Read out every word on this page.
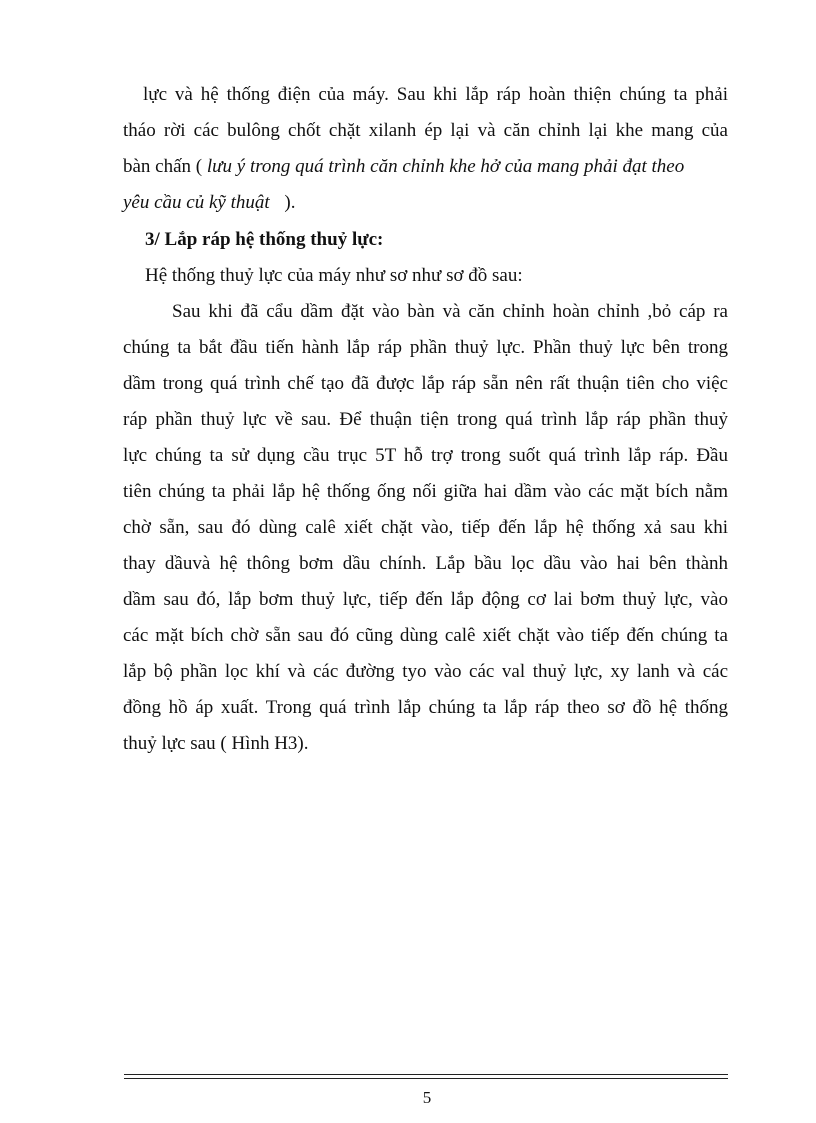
lực và hệ thống điện của máy. Sau khi lắp ráp hoàn thiện chúng ta phải
tháo rời các bulông chốt chặt xilanh ép lại và căn chỉnh lại khe mang của
bàn chấn ( lưu ý trong quá trình căn chỉnh khe hở của mang phải đạt theo
yêu cầu củ kỹ thuật ).
3/ Lắp ráp hệ thống thuỷ lực:
Hệ thống thuỷ lực của máy như sơ như sơ đồ sau:
Sau khi đã cẩu dầm đặt vào bàn và căn chỉnh hoàn chỉnh ,bỏ cáp ra
chúng ta bắt đầu tiến hành lắp ráp phần thuỷ lực. Phần thuỷ lực bên trong
dầm trong quá trình chế tạo đã được lắp ráp sẵn nên rất thuận tiên cho việc
ráp phần thuỷ lực về sau. Để thuận tiện trong quá trình lắp ráp phần thuỷ
lực chúng ta sử dụng cầu trục 5T hỗ trợ trong suốt quá trình lắp ráp. Đầu
tiên chúng ta phải lắp hệ thống ống nối giữa hai dầm vào các mặt bích nằm
chờ sẵn, sau đó dùng calê xiết chặt vào, tiếp đến lắp hệ thống xả sau khi
thay dầuvà hệ thông bơm dầu chính. Lắp bầu lọc dầu vào hai bên thành
dầm sau đó, lắp bơm thuỷ lực, tiếp đến lắp động cơ lai bơm thuỷ lực, vào
các mặt bích chờ sẵn sau đó cũng dùng calê xiết chặt vào tiếp đến chúng ta
lắp bộ phần lọc khí và các đường tyo vào các val thuỷ lực, xy lanh và các
đồng hồ áp xuất. Trong quá trình lắp chúng ta lắp ráp theo sơ đồ hệ thống
thuỷ lực sau ( Hình H3).
5
